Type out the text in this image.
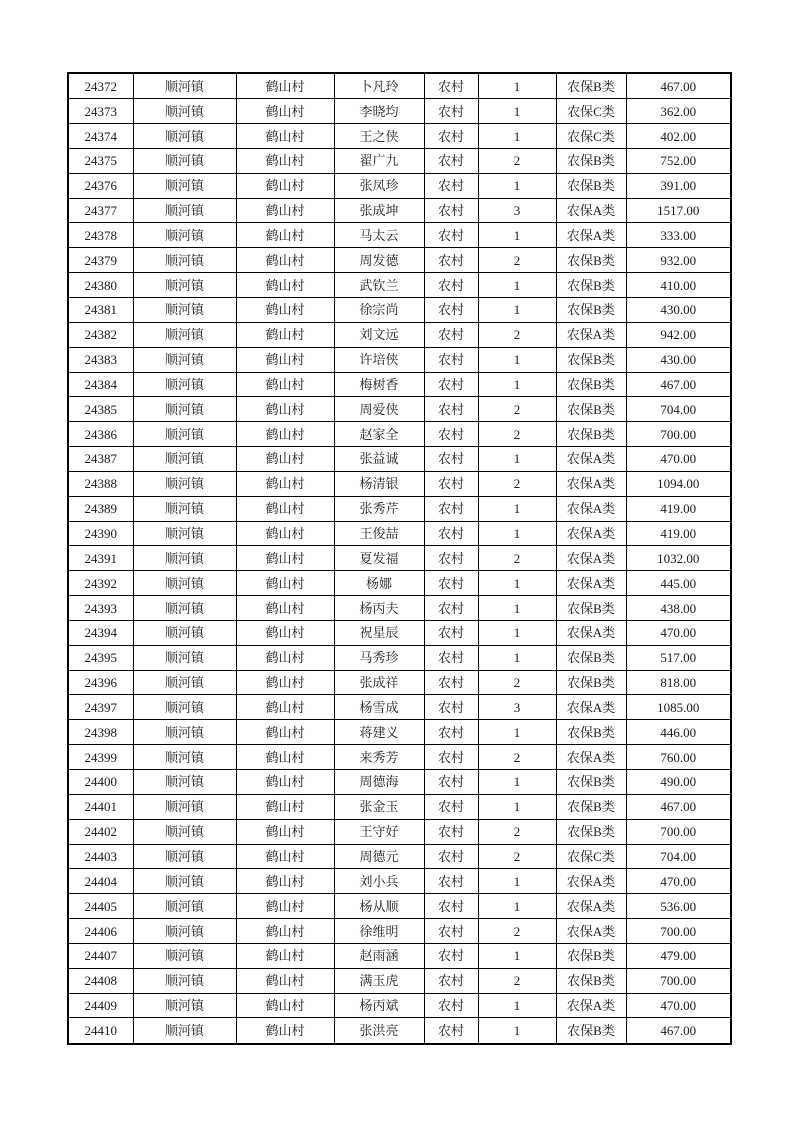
24372	顺河镇	鹤山村	卜凡玲	农村	1	农保B类	467.00
24373	顺河镇	鹤山村	李晓均	农村	1	农保C类	362.00
24374	顺河镇	鹤山村	王之侠	农村	1	农保C类	402.00
24375	顺河镇	鹤山村	翟广九	农村	2	农保B类	752.00
24376	顺河镇	鹤山村	张凤珍	农村	1	农保B类	391.00
24377	顺河镇	鹤山村	张成坤	农村	3	农保A类	1517.00
24378	顺河镇	鹤山村	马太云	农村	1	农保A类	333.00
24379	顺河镇	鹤山村	周发德	农村	2	农保B类	932.00
24380	顺河镇	鹤山村	武钦兰	农村	1	农保B类	410.00
24381	顺河镇	鹤山村	徐宗尚	农村	1	农保B类	430.00
24382	顺河镇	鹤山村	刘文远	农村	2	农保A类	942.00
24383	顺河镇	鹤山村	许培侠	农村	1	农保B类	430.00
24384	顺河镇	鹤山村	梅树香	农村	1	农保B类	467.00
24385	顺河镇	鹤山村	周爱侠	农村	2	农保B类	704.00
24386	顺河镇	鹤山村	赵家全	农村	2	农保B类	700.00
24387	顺河镇	鹤山村	张益诚	农村	1	农保A类	470.00
24388	顺河镇	鹤山村	杨清银	农村	2	农保A类	1094.00
24389	顺河镇	鹤山村	张秀芹	农村	1	农保A类	419.00
24390	顺河镇	鹤山村	王俊喆	农村	1	农保A类	419.00
24391	顺河镇	鹤山村	夏发福	农村	2	农保A类	1032.00
24392	顺河镇	鹤山村	杨娜	农村	1	农保A类	445.00
24393	顺河镇	鹤山村	杨丙夫	农村	1	农保B类	438.00
24394	顺河镇	鹤山村	祝星辰	农村	1	农保A类	470.00
24395	顺河镇	鹤山村	马秀珍	农村	1	农保B类	517.00
24396	顺河镇	鹤山村	张成祥	农村	2	农保B类	818.00
24397	顺河镇	鹤山村	杨雪成	农村	3	农保A类	1085.00
24398	顺河镇	鹤山村	蒋建义	农村	1	农保B类	446.00
24399	顺河镇	鹤山村	来秀芳	农村	2	农保A类	760.00
24400	顺河镇	鹤山村	周德海	农村	1	农保B类	490.00
24401	顺河镇	鹤山村	张金玉	农村	1	农保B类	467.00
24402	顺河镇	鹤山村	王守好	农村	2	农保B类	700.00
24403	顺河镇	鹤山村	周德元	农村	2	农保C类	704.00
24404	顺河镇	鹤山村	刘小兵	农村	1	农保A类	470.00
24405	顺河镇	鹤山村	杨从顺	农村	1	农保A类	536.00
24406	顺河镇	鹤山村	徐维明	农村	2	农保A类	700.00
24407	顺河镇	鹤山村	赵雨涵	农村	1	农保B类	479.00
24408	顺河镇	鹤山村	满玉虎	农村	2	农保B类	700.00
24409	顺河镇	鹤山村	杨丙斌	农村	1	农保A类	470.00
24410	顺河镇	鹤山村	张洪亮	农村	1	农保B类	467.00
